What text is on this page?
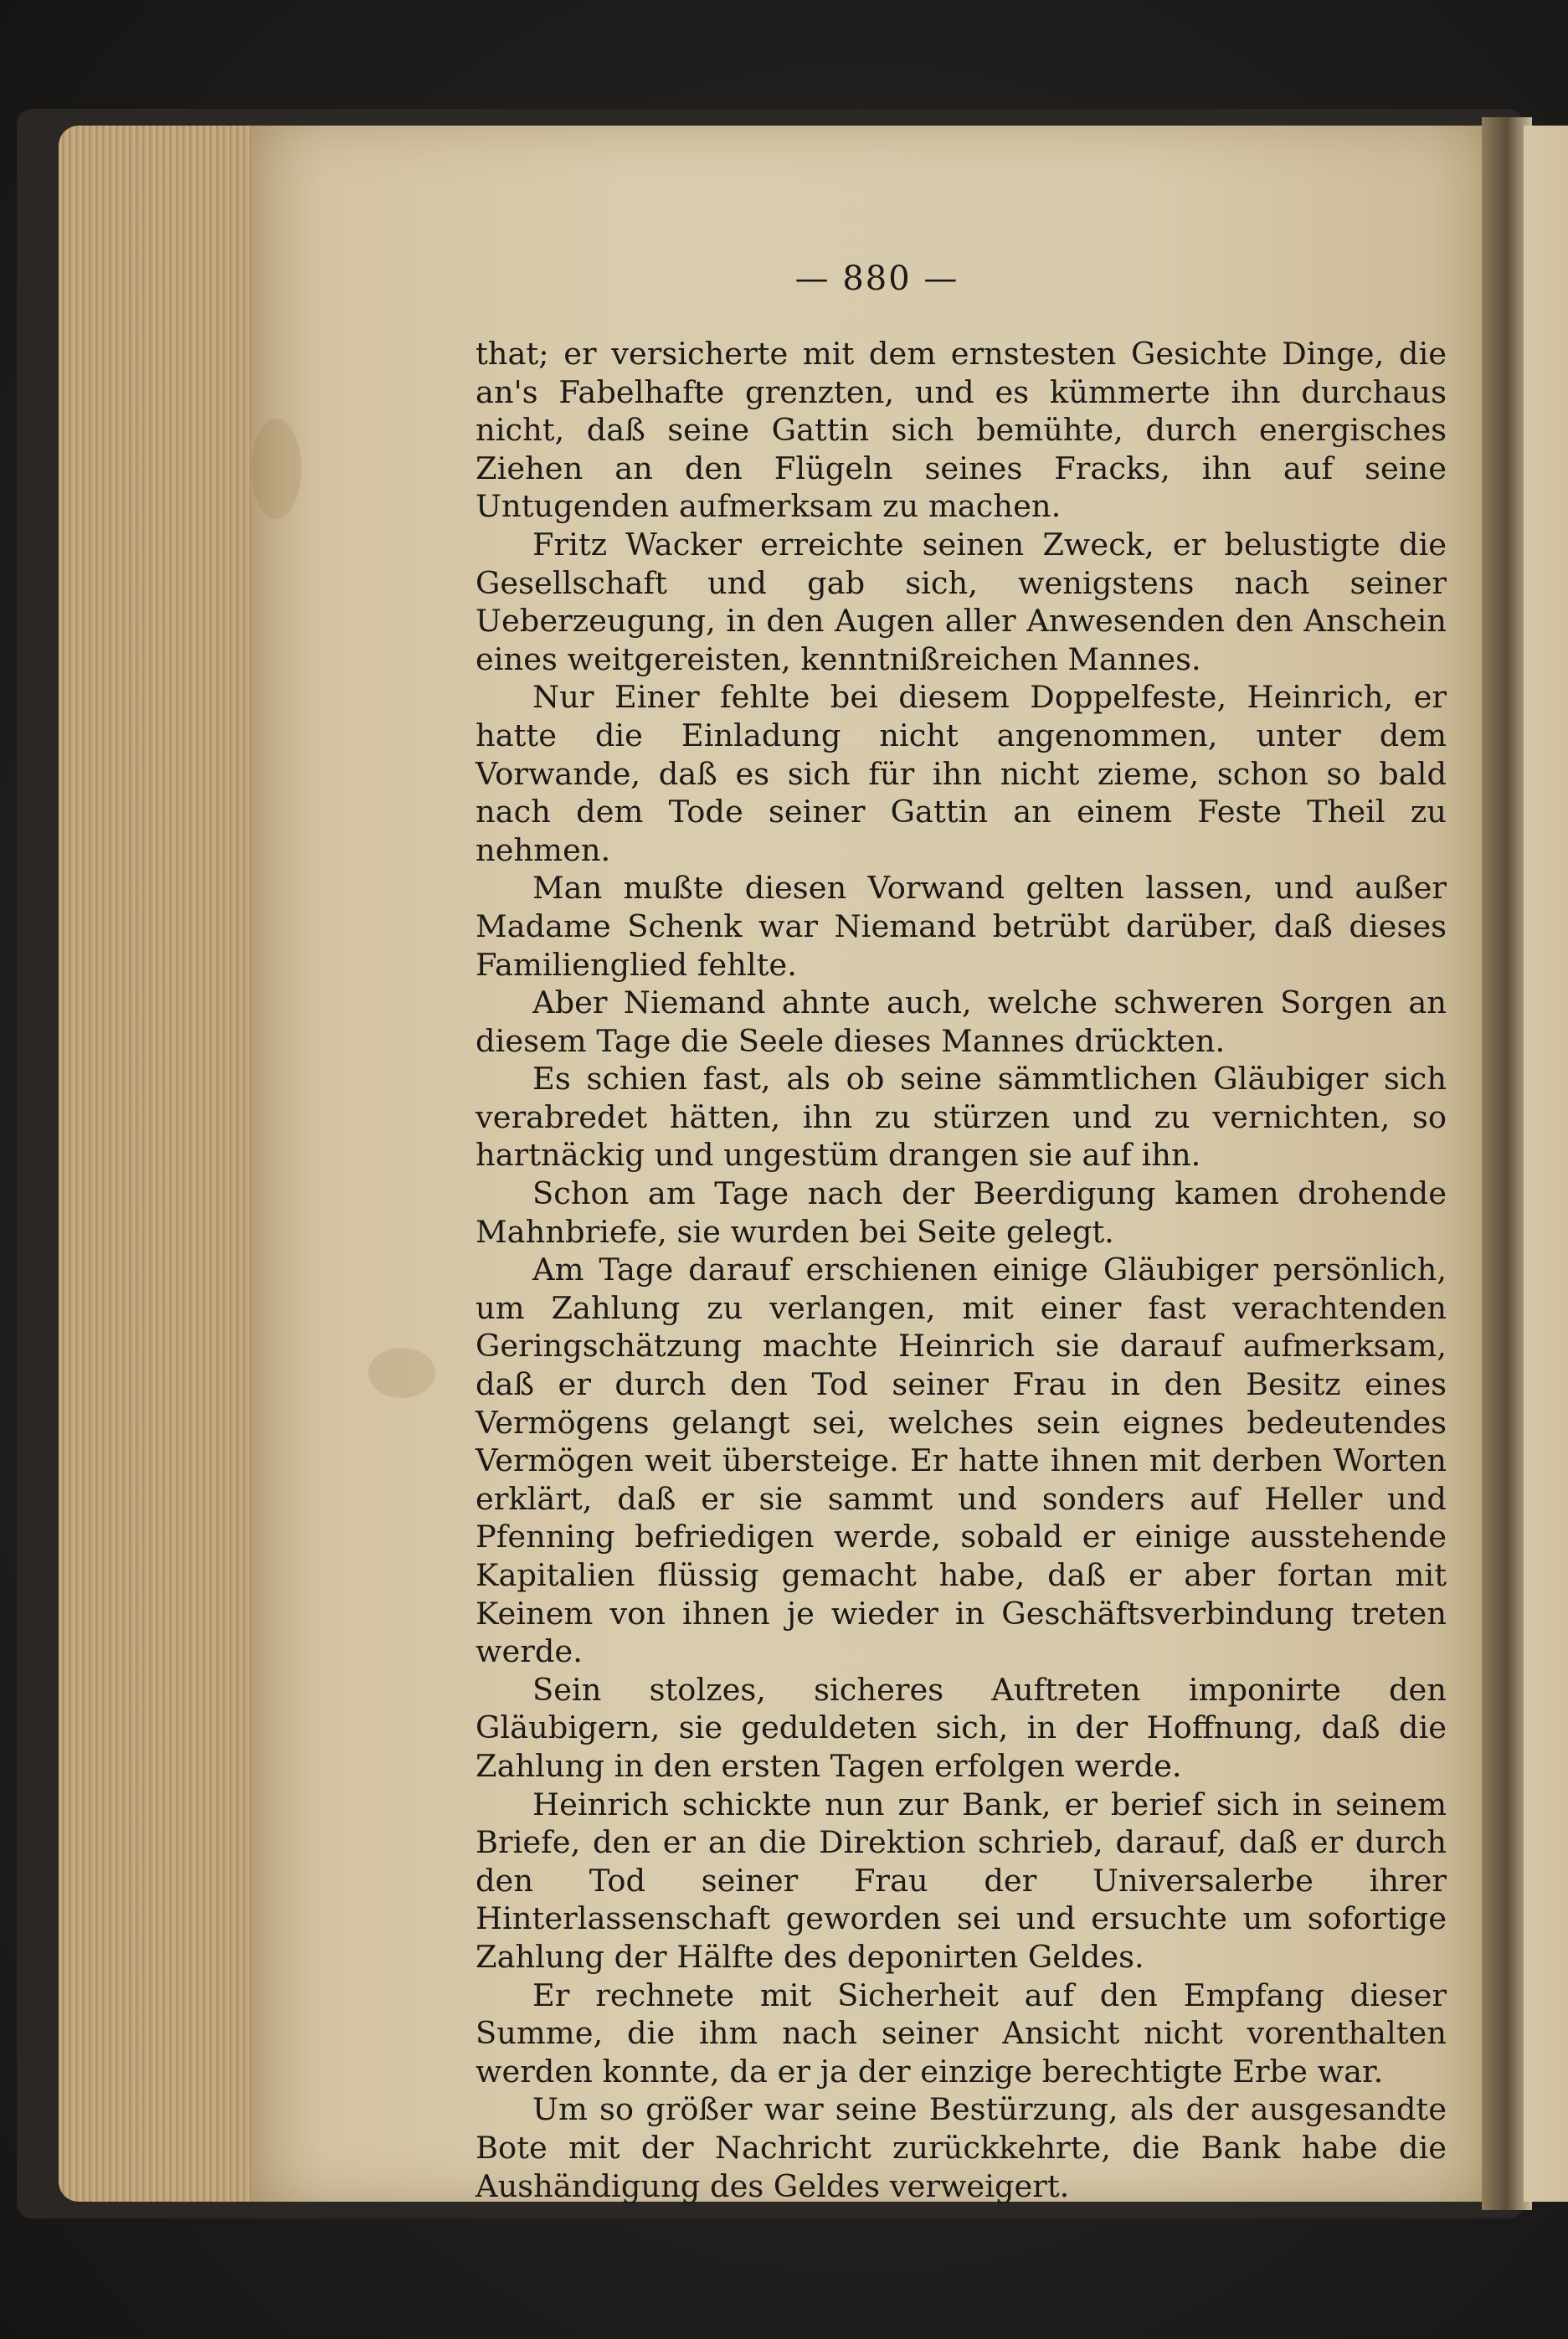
— 880 —

that; er versicherte mit dem ernstesten Gesichte Dinge, die an's Fabelhafte grenzten, und es kümmerte ihn durchaus nicht, daß seine Gattin sich bemühte, durch energisches Ziehen an den Flügeln seines Fracks, ihn auf seine Untugenden aufmerksam zu machen.

Fritz Wacker erreichte seinen Zweck, er belustigte die Gesellschaft und gab sich, wenigstens nach seiner Ueberzeugung, in den Augen aller Anwesenden den Anschein eines weitgereisten, kenntnißreichen Mannes.

Nur Einer fehlte bei diesem Doppelfeste, Heinrich, er hatte die Einladung nicht angenommen, unter dem Vorwande, daß es sich für ihn nicht zieme, schon so bald nach dem Tode seiner Gattin an einem Feste Theil zu nehmen.

Man mußte diesen Vorwand gelten lassen, und außer Madame Schenk war Niemand betrübt darüber, daß dieses Familienglied fehlte.

Aber Niemand ahnte auch, welche schweren Sorgen an diesem Tage die Seele dieses Mannes drückten.

Es schien fast, als ob seine sämmtlichen Gläubiger sich verabredet hätten, ihn zu stürzen und zu vernichten, so hartnäckig und ungestüm drangen sie auf ihn.

Schon am Tage nach der Beerdigung kamen drohende Mahnbriefe, sie wurden bei Seite gelegt.

Am Tage darauf erschienen einige Gläubiger persönlich, um Zahlung zu verlangen, mit einer fast verachtenden Geringschätzung machte Heinrich sie darauf aufmerksam, daß er durch den Tod seiner Frau in den Besitz eines Vermögens gelangt sei, welches sein eignes bedeutendes Vermögen weit übersteige. Er hatte ihnen mit derben Worten erklärt, daß er sie sammt und sonders auf Heller und Pfenning befriedigen werde, sobald er einige ausstehende Kapitalien flüssig gemacht habe, daß er aber fortan mit Keinem von ihnen je wieder in Geschäftsverbindung treten werde.

Sein stolzes, sicheres Auftreten imponirte den Gläubigern, sie geduldeten sich, in der Hoffnung, daß die Zahlung in den ersten Tagen erfolgen werde.

Heinrich schickte nun zur Bank, er berief sich in seinem Briefe, den er an die Direktion schrieb, darauf, daß er durch den Tod seiner Frau der Universalerbe ihrer Hinterlassenschaft geworden sei und ersuchte um sofortige Zahlung der Hälfte des deponirten Geldes.

Er rechnete mit Sicherheit auf den Empfang dieser Summe, die ihm nach seiner Ansicht nicht vorenthalten werden konnte, da er ja der einzige berechtigte Erbe war.

Um so größer war seine Bestürzung, als der ausgesandte Bote mit der Nachricht zurückkehrte, die Bank habe die Aushändigung des Geldes verweigert.
